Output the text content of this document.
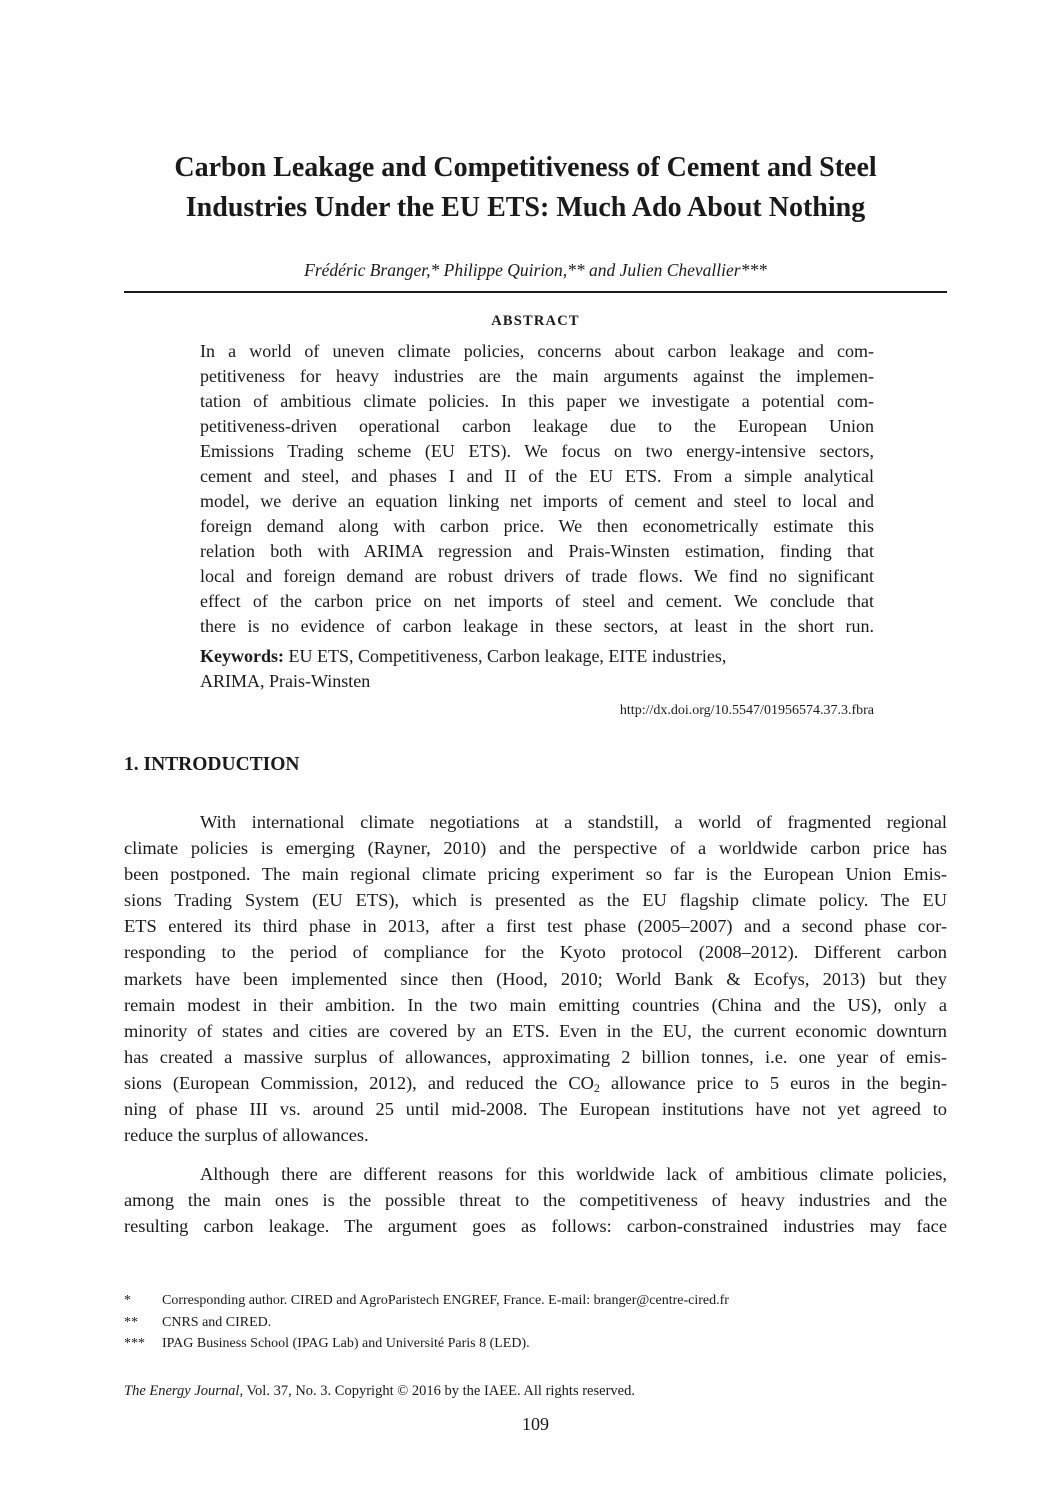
Carbon Leakage and Competitiveness of Cement and Steel
Industries Under the EU ETS: Much Ado About Nothing
Frédéric Branger,* Philippe Quirion,** and Julien Chevallier***
ABSTRACT
In a world of uneven climate policies, concerns about carbon leakage and com-
petitiveness for heavy industries are the main arguments against the implemen-
tation of ambitious climate policies. In this paper we investigate a potential com-
petitiveness-driven operational carbon leakage due to the European Union
Emissions Trading scheme (EU ETS). We focus on two energy-intensive sectors,
cement and steel, and phases I and II of the EU ETS. From a simple analytical
model, we derive an equation linking net imports of cement and steel to local and
foreign demand along with carbon price. We then econometrically estimate this
relation both with ARIMA regression and Prais-Winsten estimation, finding that
local and foreign demand are robust drivers of trade flows. We find no significant
effect of the carbon price on net imports of steel and cement. We conclude that
there is no evidence of carbon leakage in these sectors, at least in the short run.
Keywords: EU ETS, Competitiveness, Carbon leakage, EITE industries,
ARIMA, Prais-Winsten
http://dx.doi.org/10.5547/01956574.37.3.fbra
1. INTRODUCTION
With international climate negotiations at a standstill, a world of fragmented regional
climate policies is emerging (Rayner, 2010) and the perspective of a worldwide carbon price has
been postponed. The main regional climate pricing experiment so far is the European Union Emis-
sions Trading System (EU ETS), which is presented as the EU flagship climate policy. The EU
ETS entered its third phase in 2013, after a first test phase (2005–2007) and a second phase cor-
responding to the period of compliance for the Kyoto protocol (2008–2012). Different carbon
markets have been implemented since then (Hood, 2010; World Bank & Ecofys, 2013) but they
remain modest in their ambition. In the two main emitting countries (China and the US), only a
minority of states and cities are covered by an ETS. Even in the EU, the current economic downturn
has created a massive surplus of allowances, approximating 2 billion tonnes, i.e. one year of emis-
sions (European Commission, 2012), and reduced the $CO_2$ allowance price to 5 euros in the begin-
ning of phase III vs. around 25 until mid-2008. The European institutions have not yet agreed to
reduce the surplus of allowances.
Although there are different reasons for this worldwide lack of ambitious climate policies,
among the main ones is the possible threat to the competitiveness of heavy industries and the
resulting carbon leakage. The argument goes as follows: carbon-constrained industries may face
*	Corresponding author. CIRED and AgroParistech ENGREF, France. E-mail: branger@centre-cired.fr
**	CNRS and CIRED.
***	IPAG Business School (IPAG Lab) and Université Paris 8 (LED).
The Energy Journal, Vol. 37, No. 3. Copyright © 2016 by the IAEE. All rights reserved.
109
